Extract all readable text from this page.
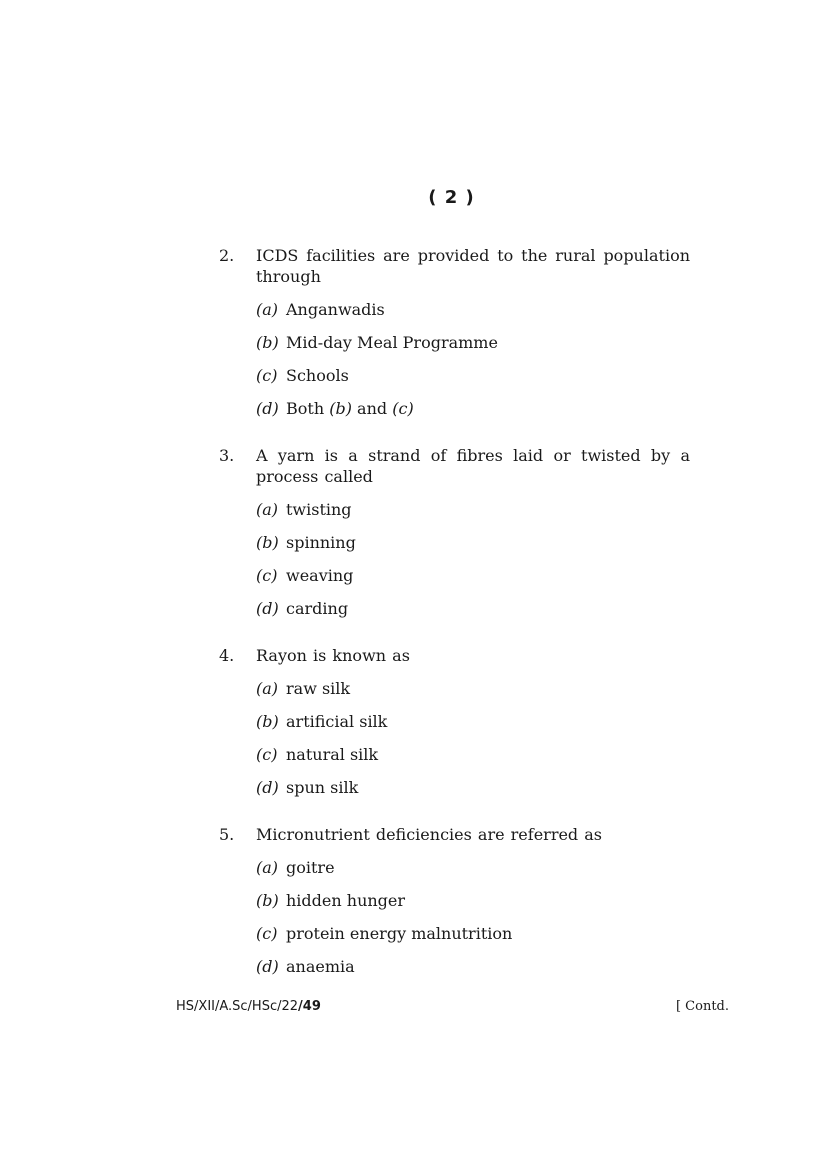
( 2 )
2. ICDS facilities are provided to the rural population through
(a) Anganwadis
(b) Mid-day Meal Programme
(c) Schools
(d) Both (b) and (c)
3. A yarn is a strand of fibres laid or twisted by a process called
(a) twisting
(b) spinning
(c) weaving
(d) carding
4. Rayon is known as
(a) raw silk
(b) artificial silk
(c) natural silk
(d) spun silk
5. Micronutrient deficiencies are referred as
(a) goitre
(b) hidden hunger
(c) protein energy malnutrition
(d) anaemia
HS/XII/A.Sc/HSc/22/49	[ Contd.
